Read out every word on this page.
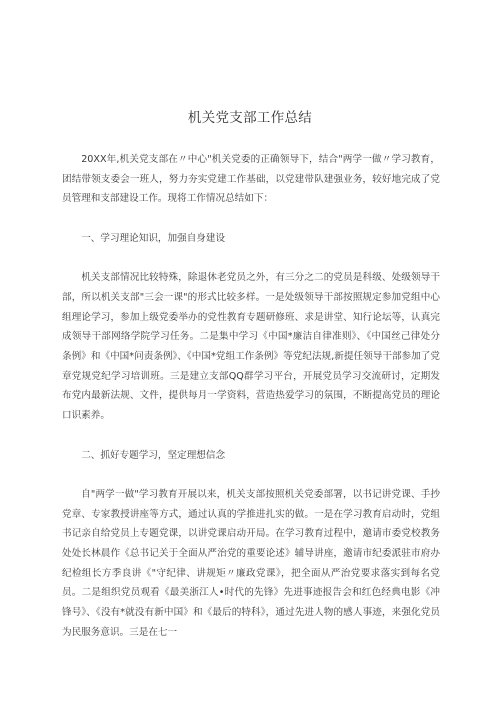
机关党支部工作总结

20XX年,机关党支部在〃中心"机关党委的正确领导下，结合"两学一做〃学习教育，团结带领支委会一班人，努力夯实党建工作基础，以党建带队建强业务，较好地完成了党员管理和支部建设工作。现将工作情况总结如下：

一、学习理论知识，加强自身建设

机关支部情况比较特殊，除退休老党员之外，有三分之二的党员是科级、处级领导干部，所以机关支部"三会一课"的形式比较多样。一是处级领导干部按照规定参加党组中心组理论学习，参加上级党委举办的党性教育专题研修班、求是讲堂、知行论坛等，认真完成领导干部网络学院学习任务。二是集中学习《中国*廉洁自律准则》、《中国丝己律处分条例》和《中国*问责条例》、《中国*党组工作条例》等党纪法规,新提任领导干部参加了党章党规党纪学习培训班。三是建立支部QQ群学习平台，开展党员学习交流研讨，定期发布党内最新法规、文件，提供每月一学资料，营造热爱学习的氛围，不断提高党员的理论口识素养。

二、抓好专题学习，坚定理想信念

自"两学一做"学习教育开展以来，机关支部按照机关党委部署，以书记讲党课、手抄党章、专家教授讲座等方式，通过认真的学推进扎实的做。一是在学习教育启动时，党组书记亲自给党员上专题党课，以讲党课启动开局。在学习教育过程中，邀请市委党校教务处处长林晨作《总书记关于全面从严治党的重要论述》辅导讲座，邀请市纪委派驻市府办纪检组长方季良讲《"守纪律、讲规矩〃廉政党课》，把全面从严治党要求落实到每名党员。二是组织党员观看《最美浙江人•时代的先锋》先进事迹报告会和红色经典电影《冲锋号》、《没有*就没有新中国》和《最后的特科》，通过先进人物的感人事迹，来强化党员为民服务意识。三是在七一
